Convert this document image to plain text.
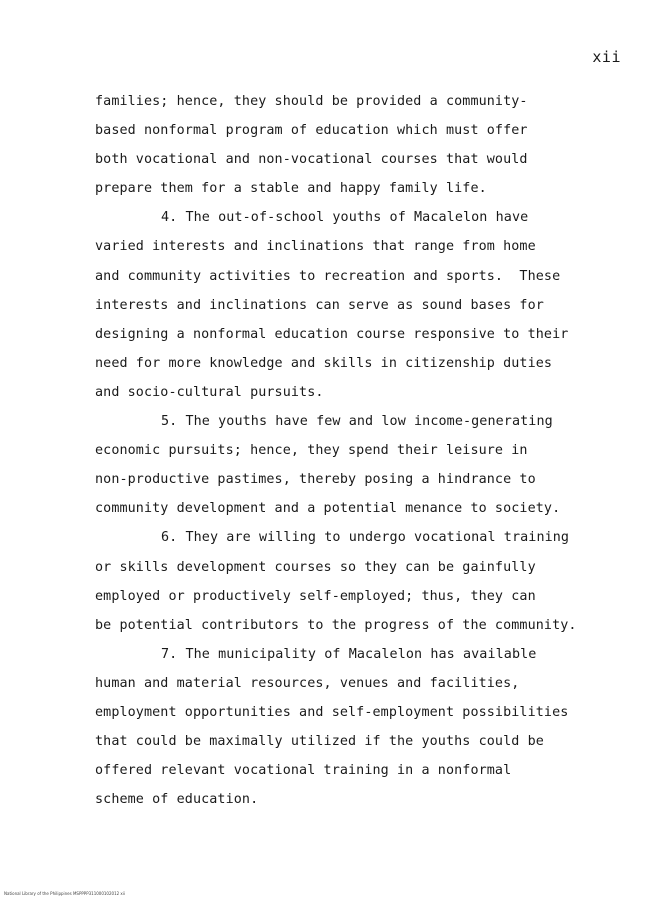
xii
families; hence, they should be provided a community-
based nonformal program of education which must offer
both vocational and non-vocational courses that would
prepare them for a stable and happy family life.
4. The out-of-school youths of Macalelon have
varied interests and inclinations that range from home
and community activities to recreation and sports.  These
interests and inclinations can serve as sound bases for
designing a nonformal education course responsive to their
need for more knowledge and skills in citizenship duties
and socio-cultural pursuits.
5. The youths have few and low income-generating
economic pursuits; hence, they spend their leisure in
non-productive pastimes, thereby posing a hindrance to
community development and a potential menance to society.
6. They are willing to undergo vocational training
or skills development courses so they can be gainfully
employed or productively self-employed; thus, they can
be potential contributors to the progress of the community.
7. The municipality of Macalelon has available
human and material resources, venues and facilities,
employment opportunities and self-employment possibilities
that could be maximally utilized if the youths could be
offered relevant vocational training in a nonformal
scheme of education.
National Library of the Philippines MSPPPP311000102012 xii
